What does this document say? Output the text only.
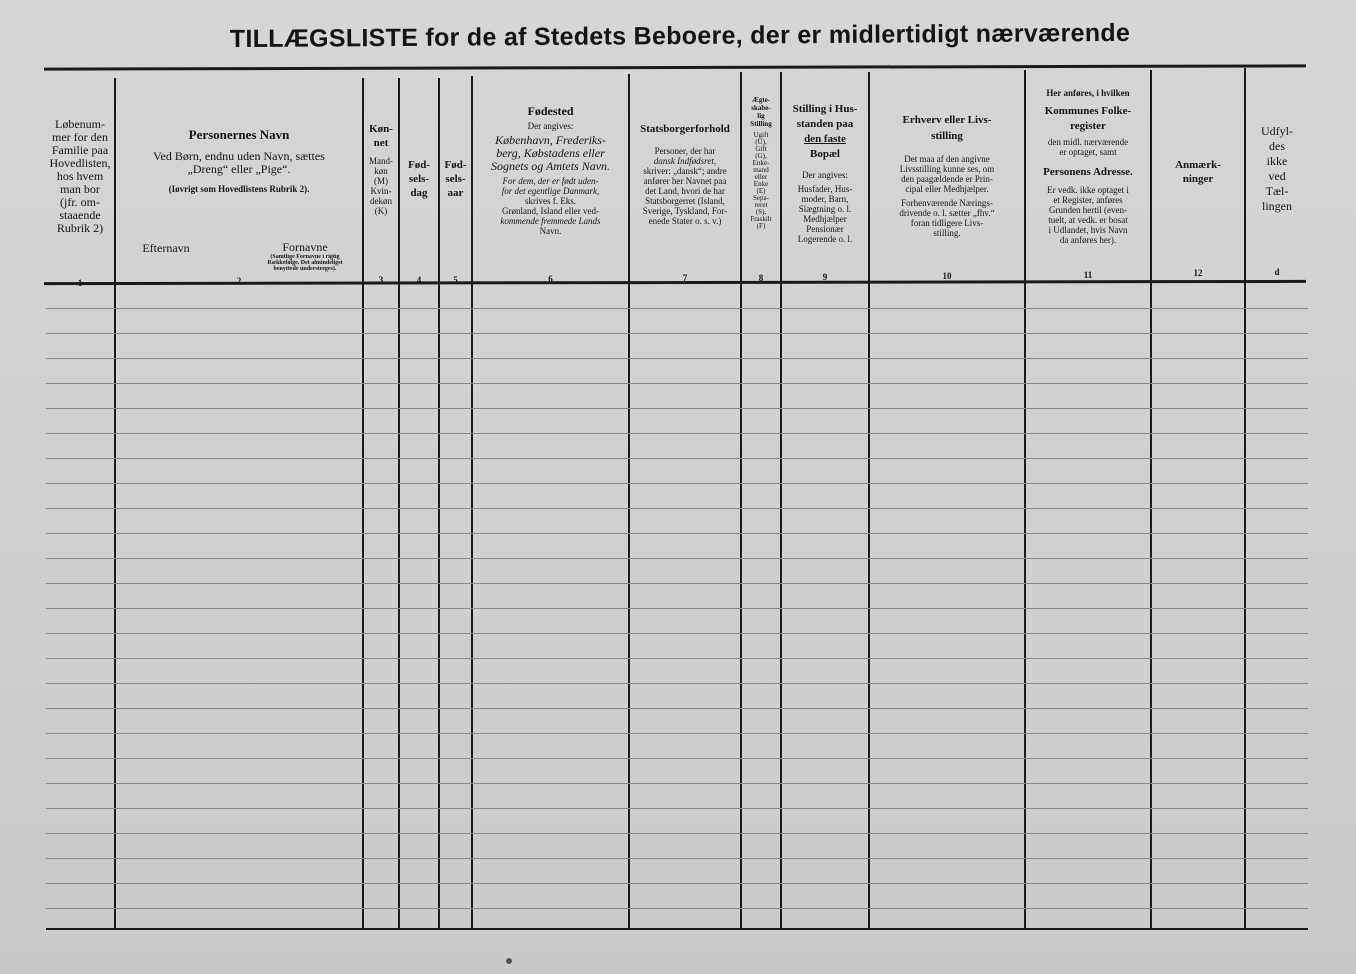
TILLÆGSLISTE for de af Stedets Beboere, der er midlertidigt nærværende
Løbenum-
mer for den
Familie paa
Hovedlisten,
hos hvem
man bor
(jfr. om-
staaende
Rubrik 2)
Personernes Navn
Ved Børn, endnu uden Navn, sættes
„Dreng“ eller „Pige“.
(Iøvrigt som Hovedlistens Rubrik 2).
Efternavn	Fornavne
(Samtlige Fornavne i rigtig
Rækkefølge. Det almindeligst
benyttede understreges).
Køn-
net
Mand-
køn
(M)
Kvin-
dekøn
(K)
Fød-
sels-
dag
Fød-
sels-
aar
Fødested
Der angives:
København, Frederiks-
berg, Købstadens eller
Sognets og Amtets Navn.
For dem, der er født uden-
for det egentlige Danmark,
skrives f. Eks.
Grønland, Island eller ved-
kommende fremmede Lands
Navn.
Statsborgerforhold
Personer, der har
dansk Indfødsret,
skriver: „dansk“; andre
anfører her Navnet paa
det Land, hvori de har
Statsborgerret (Island,
Sverige, Tyskland, For-
enede Stater o. s. v.)
Ægte-
skabe-
lig
Stilling
Ugift
(U),
Gift
(G),
Enke-
mand
eller
Enke
(E)
Sepa-
reret
(S),
Fraskilt
(F)
Stilling i Hus-
standen paa
den faste
Bopæl
Der angives:
Husfader, Hus-
moder, Barn,
Slægtning o. l.
Medhjælper
Pensionær
Logerende o. l.
Erhverv eller Livs-
stilling
Det maa af den angivne
Livsstilling kunne ses, om
den paagældende er Prin-
cipal eller Medhjælper.
Forhenværende Nærings-
drivende o. l. sætter „fhv.“
foran tidligere Livs-
stilling.
Her anføres, i hvilken
Kommunes Folke-
register
den midl. nærværende
er optaget, samt
Personens Adresse.
Er vedk. ikke optaget i
et Register, anføres
Grunden hertil (even-
tuelt, at vedk. er bosat
i Udlandet, hvis Navn
da anføres her).
Anmærk-
ninger
Udfyl-
des
ikke
ved
Tæl-
lingen
1	2	3	4	5	6	7	8	9	10	11	12	d
